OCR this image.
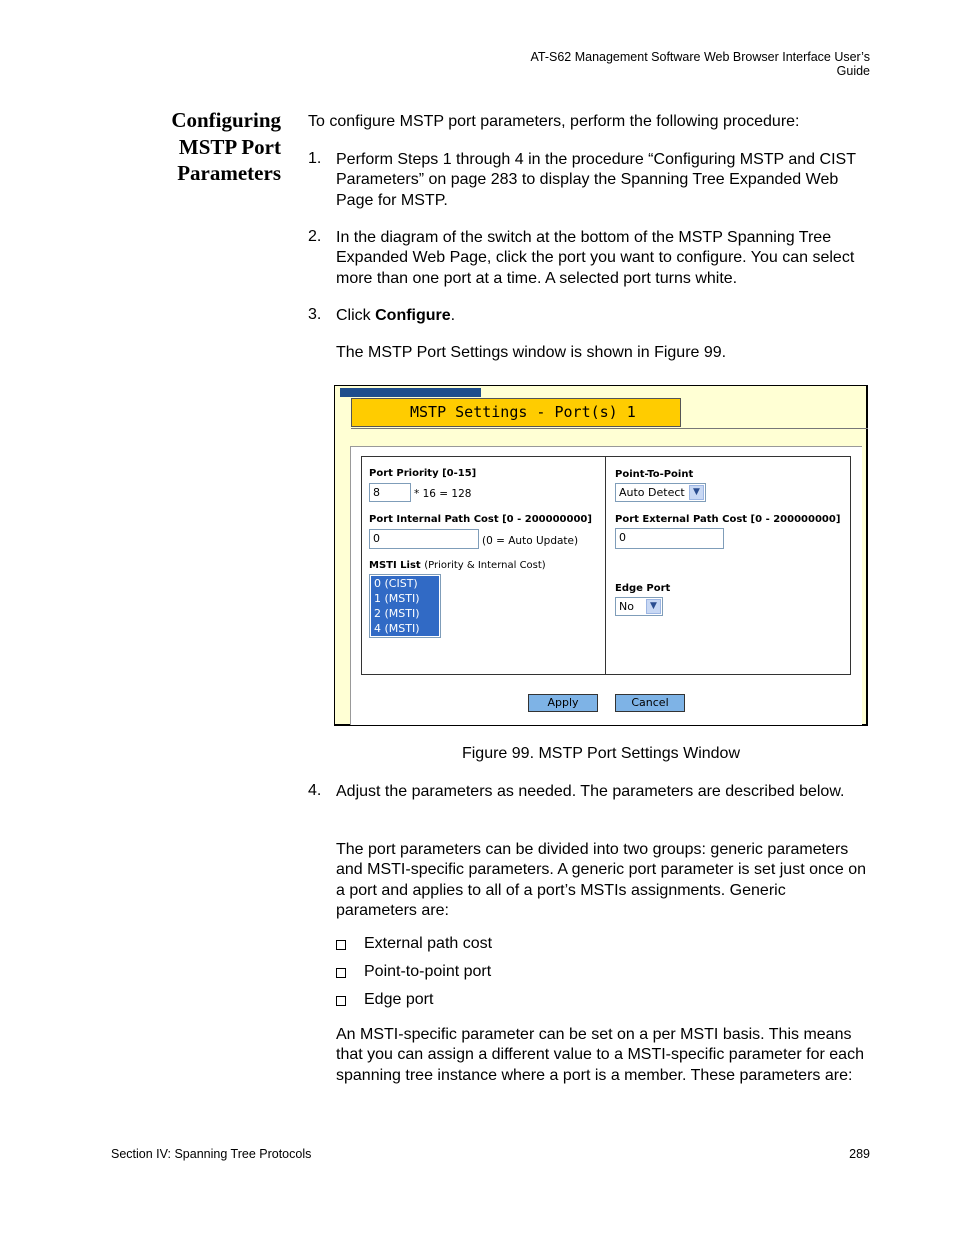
AT-S62 Management Software Web Browser Interface User’s Guide
Configuring
MSTP Port
Parameters
To configure MSTP port parameters, perform the following procedure:
1. Perform Steps 1 through 4 in the procedure “Configuring MSTP and CIST Parameters” on page 283 to display the Spanning Tree Expanded Web Page for MSTP.
2. In the diagram of the switch at the bottom of the MSTP Spanning Tree Expanded Web Page, click the port you want to configure. You can select more than one port at a time. A selected port turns white.
3. Click Configure.
The MSTP Port Settings window is shown in Figure 99.
MSTP Settings - Port(s) 1
Port Priority [0-15]
8	* 16 = 128
Port Internal Path Cost [0 - 200000000]
0	(0 = Auto Update)
MSTI List (Priority & Internal Cost)
0 (CIST)
1 (MSTI)
2 (MSTI)
4 (MSTI)
Point-To-Point
Auto Detect ▼
Port External Path Cost [0 - 200000000]
0
Edge Port
No	▼
Apply	Cancel
Figure 99. MSTP Port Settings Window
4. Adjust the parameters as needed. The parameters are described below.
The port parameters can be divided into two groups: generic parameters and MSTI-specific parameters. A generic port parameter is set just once on a port and applies to all of a port’s MSTIs assignments. Generic parameters are:
External path cost
Point-to-point port
Edge port
An MSTI-specific parameter can be set on a per MSTI basis. This means that you can assign a different value to a MSTI-specific parameter for each spanning tree instance where a port is a member. These parameters are:
Section IV: Spanning Tree Protocols	289
